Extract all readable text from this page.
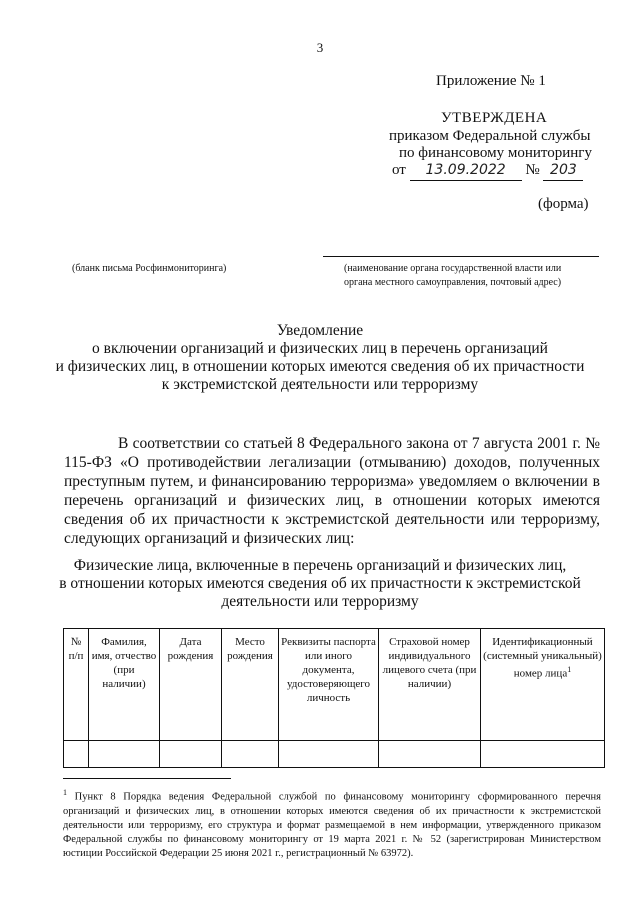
3
Приложение № 1
УТВЕРЖДЕНА
приказом Федеральной службы
по финансовому мониторингу
от 13.09.2022 № 203
(форма)
(бланк письма Росфинмониторинга)	(наименование органа государственной власти или
органа местного самоуправления, почтовый адрес)
Уведомление
о включении организаций и физических лиц в перечень организаций
и физических лиц, в отношении которых имеются сведения об их причастности
к экстремистской деятельности или терроризму
В соответствии со статьей 8 Федерального закона от 7 августа 2001 г. № 115-ФЗ «О противодействии легализации (отмыванию) доходов, полученных преступным путем, и финансированию терроризма» уведомляем о включении в перечень организаций и физических лиц, в отношении которых имеются сведения об их причастности к экстремистской деятельности или терроризму, следующих организаций и физических лиц:
Физические лица, включенные в перечень организаций и физических лиц,
в отношении которых имеются сведения об их причастности к экстремистской
деятельности или терроризму
№ п/п	Фамилия, имя, отчество (при наличии)	Дата рождения	Место рождения	Реквизиты паспорта или иного документа, удостоверяющего личность	Страховой номер индивидуального лицевого счета (при наличии)	Идентификационный (системный уникальный) номер лица$^1$

$^1$ Пункт 8 Порядка ведения Федеральной службой по финансовому мониторингу сформированного перечня организаций и физических лиц, в отношении которых имеются сведения об их причастности к экстремистской деятельности или терроризму, его структура и формат размещаемой в нем информации, утвержденного приказом Федеральной службы по финансовому мониторингу от 19 марта 2021 г. № 52 (зарегистрирован Министерством юстиции Российской Федерации 25 июня 2021 г., регистрационный № 63972).
